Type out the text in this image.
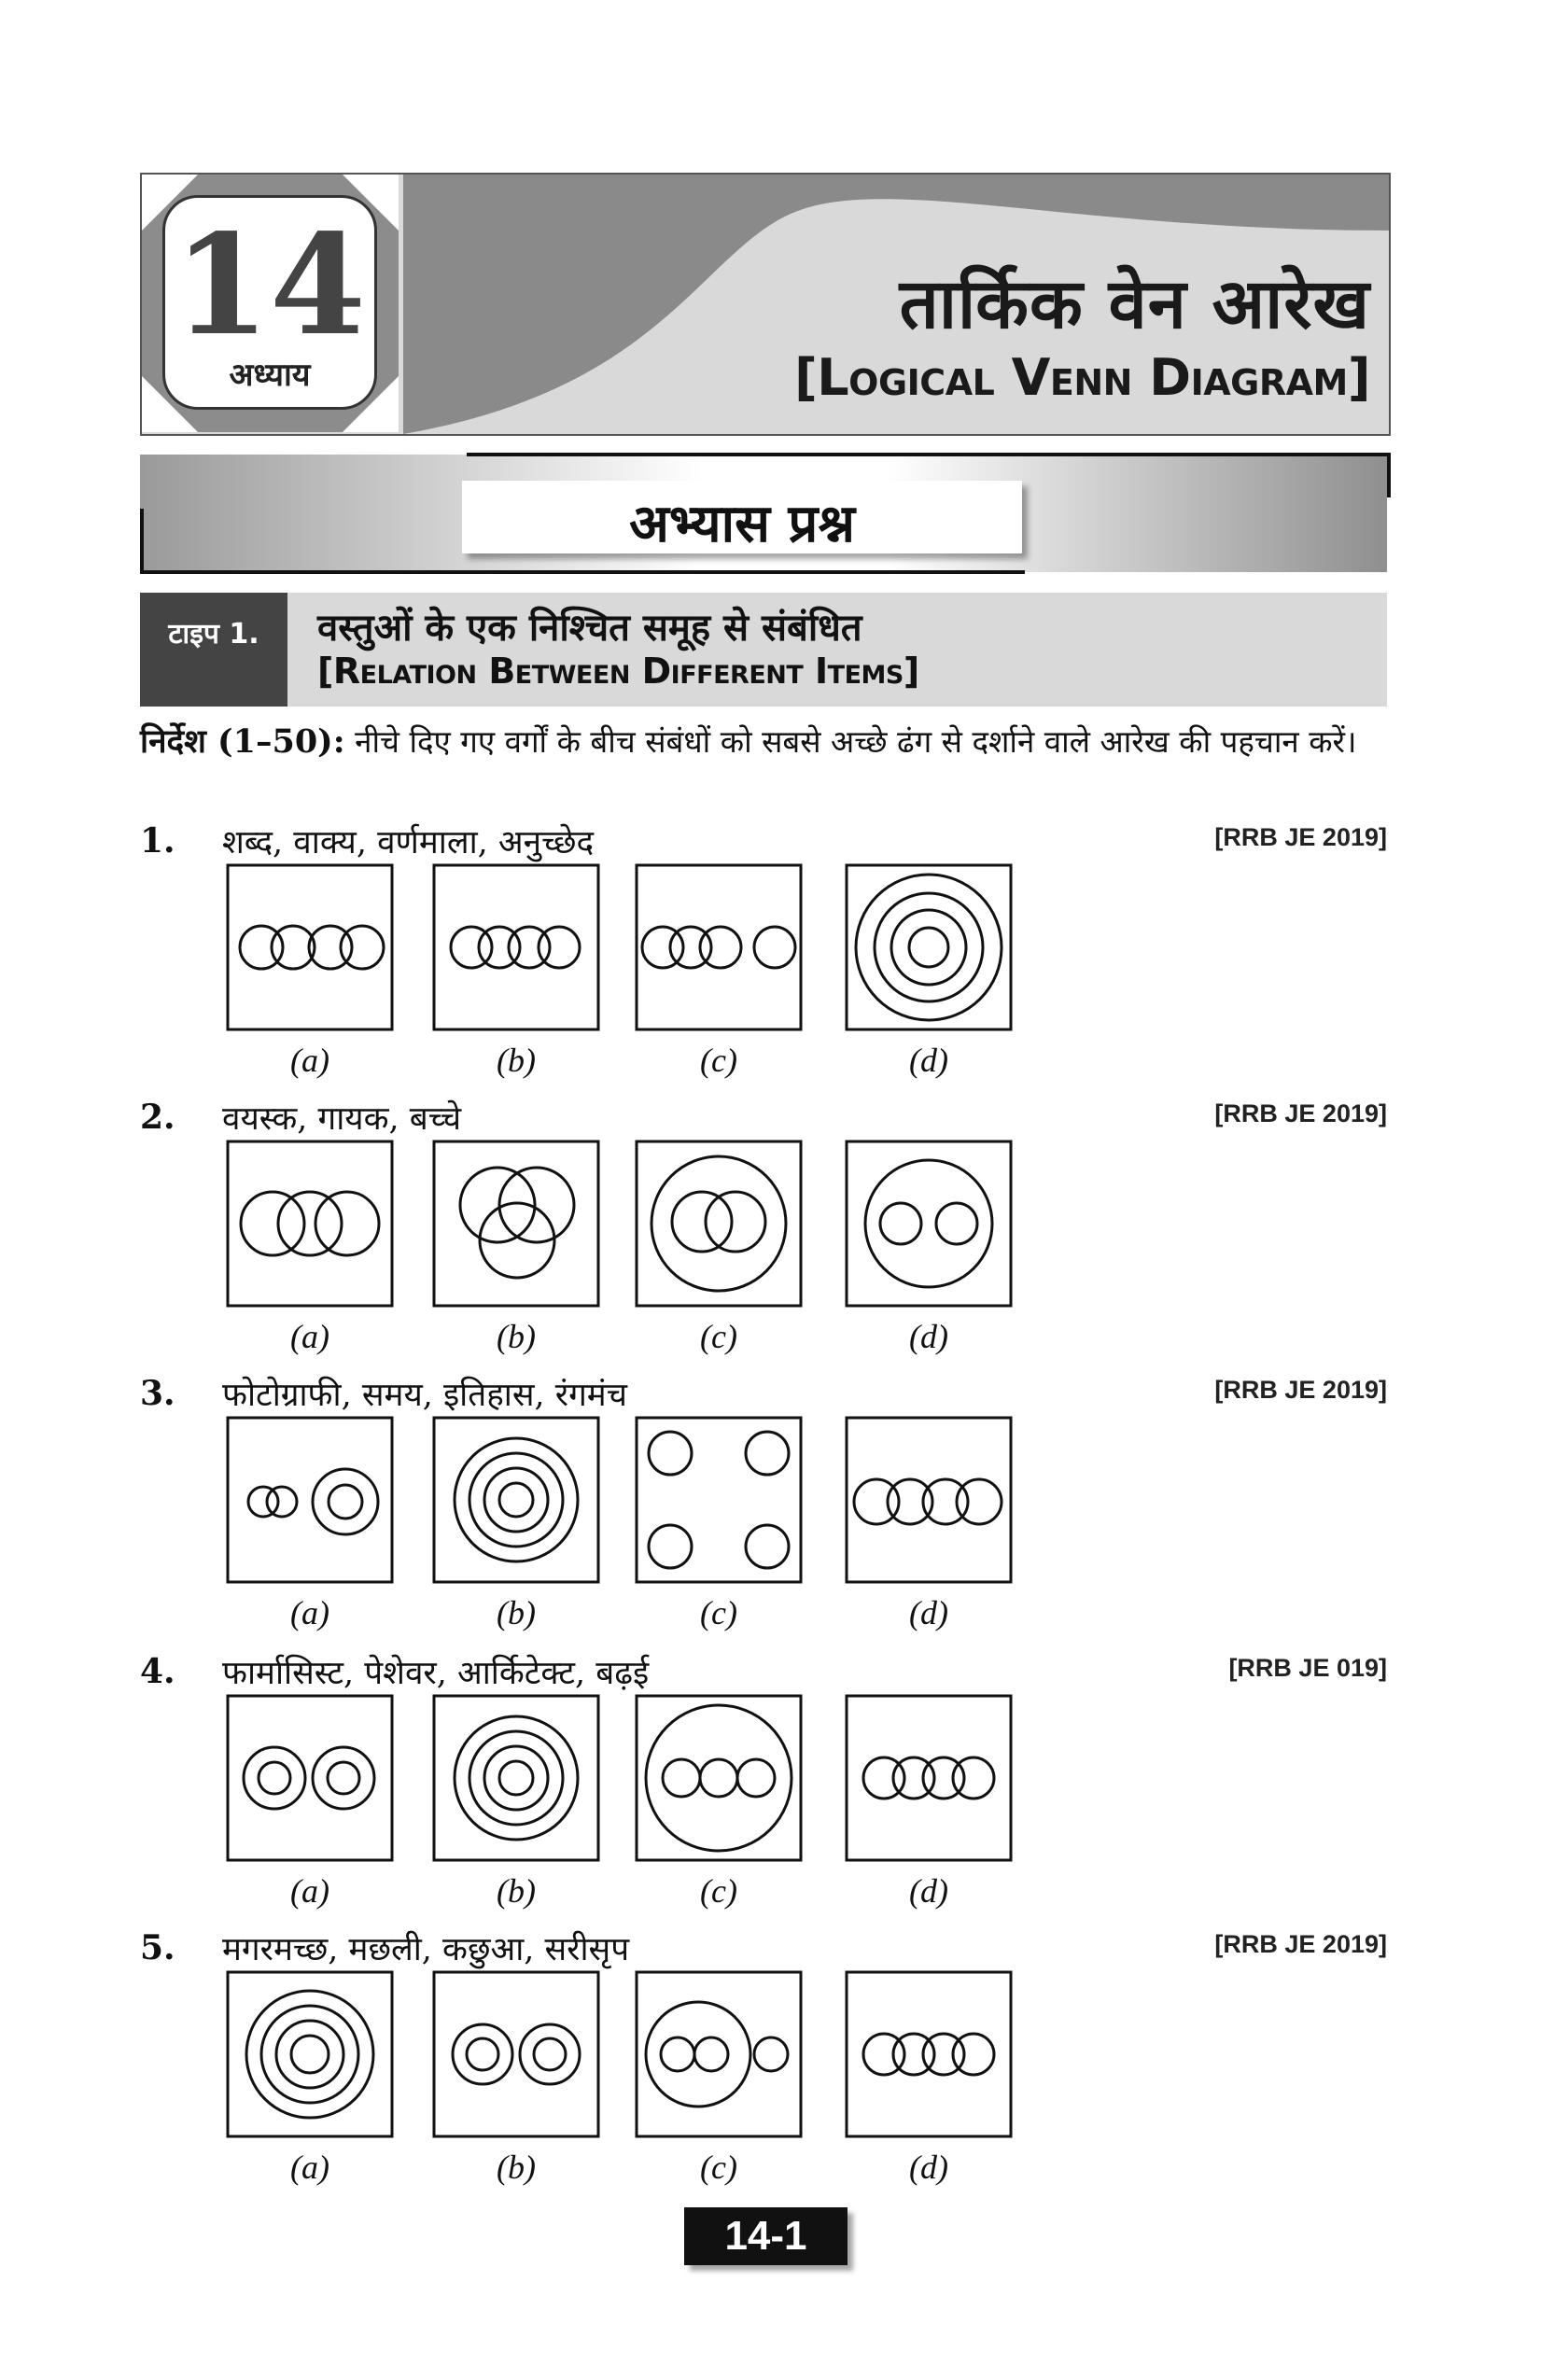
14
अध्याय
तार्किक वेन आरेख
[Logical Venn Diagram]
अभ्यास प्रश्न
टाइप 1.	वस्तुओं के एक निश्चित समूह से संबंधित
[Relation Between Different Items]
निर्देश (1–50): नीचे दिए गए वर्गों के बीच संबंधों को सबसे अच्छे ढंग से दर्शाने वाले आरेख की पहचान करें।
1. शब्द, वाक्य, वर्णमाला, अनुच्छेद	[RRB JE 2019]
(a)	(b)	(c)	(d)
2. वयस्क, गायक, बच्चे	[RRB JE 2019]
(a)	(b)	(c)	(d)
3. फोटोग्राफी, समय, इतिहास, रंगमंच	[RRB JE 2019]
(a)	(b)	(c)	(d)
4. फार्मासिस्ट, पेशेवर, आर्किटेक्ट, बढ़ई	[RRB JE 019]
(a)	(b)	(c)	(d)
5. मगरमच्छ, मछली, कछुआ, सरीसृप	[RRB JE 2019]
(a)	(b)	(c)	(d)
14-1
